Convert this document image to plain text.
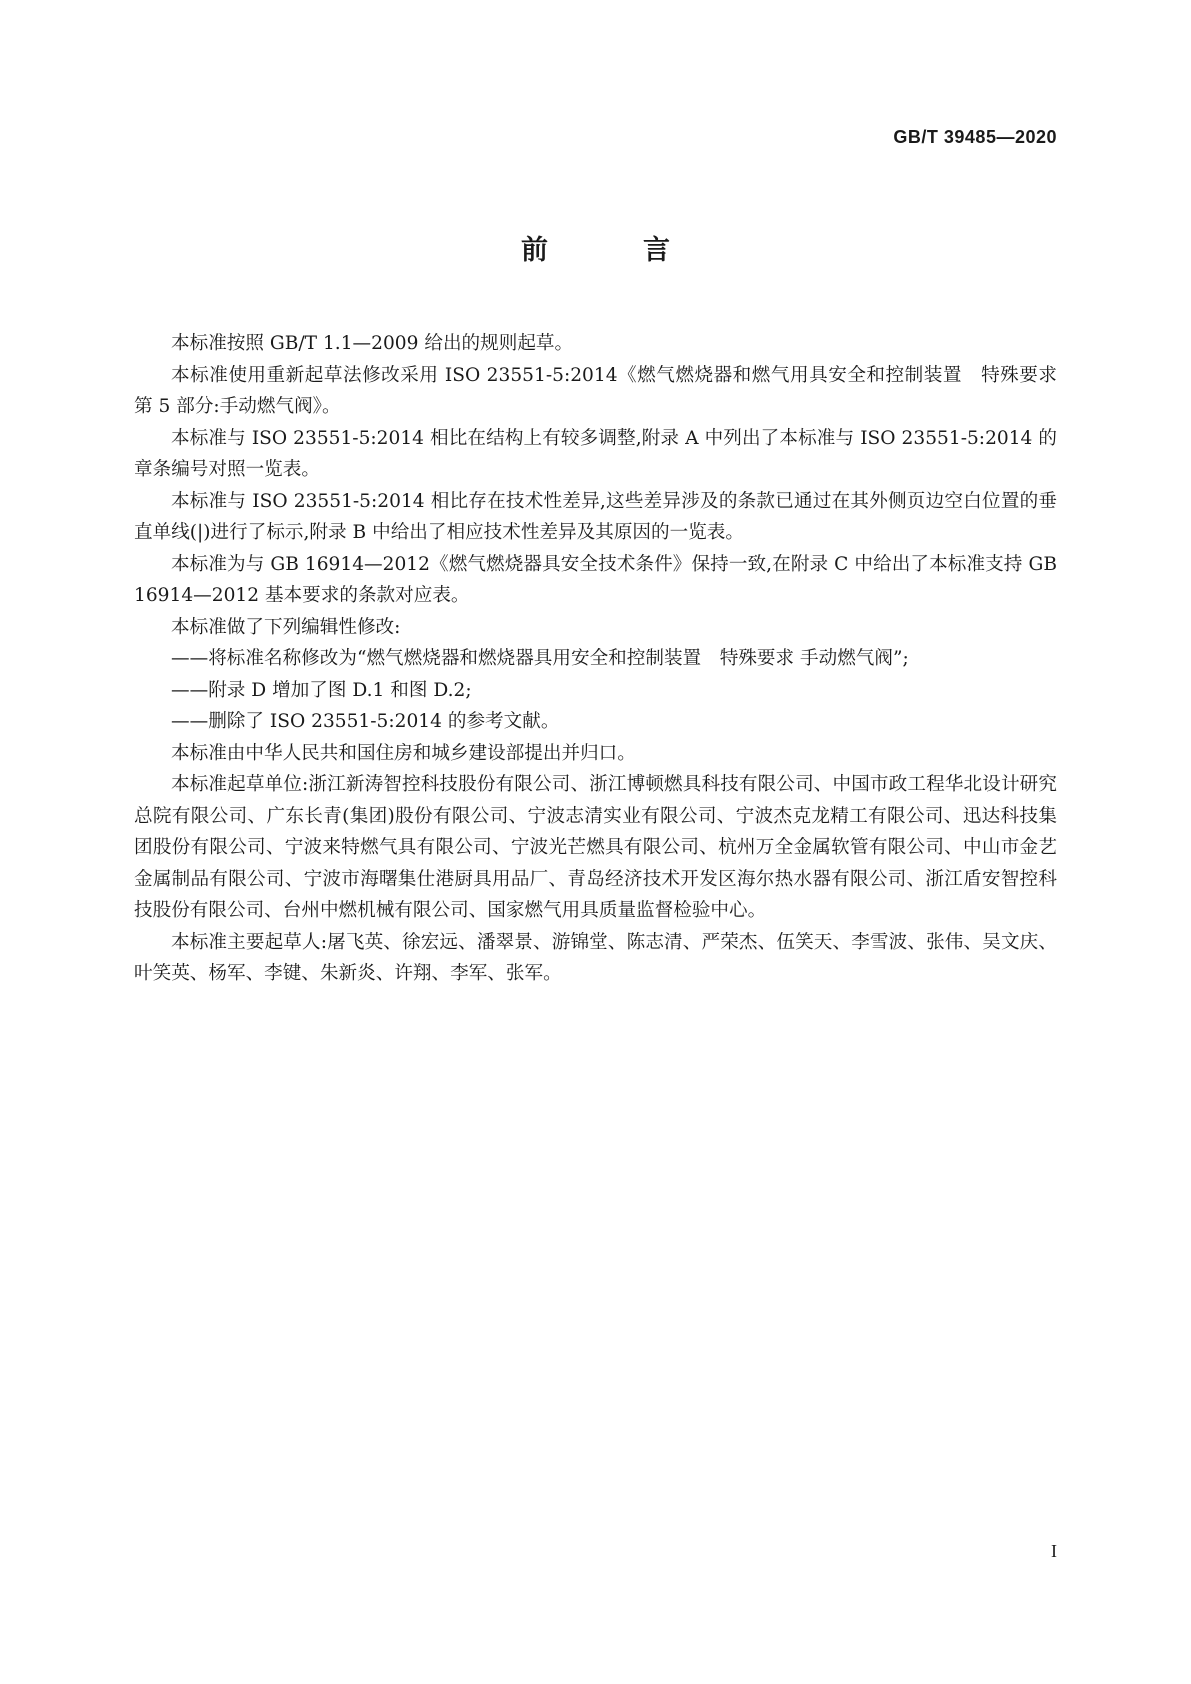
GB/T 39485—2020
前　言

本标准按照 GB/T 1.1—2009 给出的规则起草。

本标准使用重新起草法修改采用 ISO 23551-5:2014《燃气燃烧器和燃气用具安全和控制装置　特殊要求　第 5 部分:手动燃气阀》。

本标准与 ISO 23551-5:2014 相比在结构上有较多调整,附录 A 中列出了本标准与 ISO 23551-5:2014 的章条编号对照一览表。

本标准与 ISO 23551-5:2014 相比存在技术性差异,这些差异涉及的条款已通过在其外侧页边空白位置的垂直单线(|)进行了标示,附录 B 中给出了相应技术性差异及其原因的一览表。

本标准为与 GB 16914—2012《燃气燃烧器具安全技术条件》保持一致,在附录 C 中给出了本标准支持 GB 16914—2012 基本要求的条款对应表。

本标准做了下列编辑性修改:

——将标准名称修改为“燃气燃烧器和燃烧器具用安全和控制装置　特殊要求 手动燃气阀”;

——附录 D 增加了图 D.1 和图 D.2;

——删除了 ISO 23551-5:2014 的参考文献。

本标准由中华人民共和国住房和城乡建设部提出并归口。

本标准起草单位:浙江新涛智控科技股份有限公司、浙江博顿燃具科技有限公司、中国市政工程华北设计研究总院有限公司、广东长青(集团)股份有限公司、宁波志清实业有限公司、宁波杰克龙精工有限公司、迅达科技集团股份有限公司、宁波来特燃气具有限公司、宁波光芒燃具有限公司、杭州万全金属软管有限公司、中山市金艺金属制品有限公司、宁波市海曙集仕港厨具用品厂、青岛经济技术开发区海尔热水器有限公司、浙江盾安智控科技股份有限公司、台州中燃机械有限公司、国家燃气用具质量监督检验中心。

本标准主要起草人:屠飞英、徐宏远、潘翠景、游锦堂、陈志清、严荣杰、伍笑天、李雪波、张伟、吴文庆、叶笑英、杨军、李键、朱新炎、许翔、李军、张军。

I
